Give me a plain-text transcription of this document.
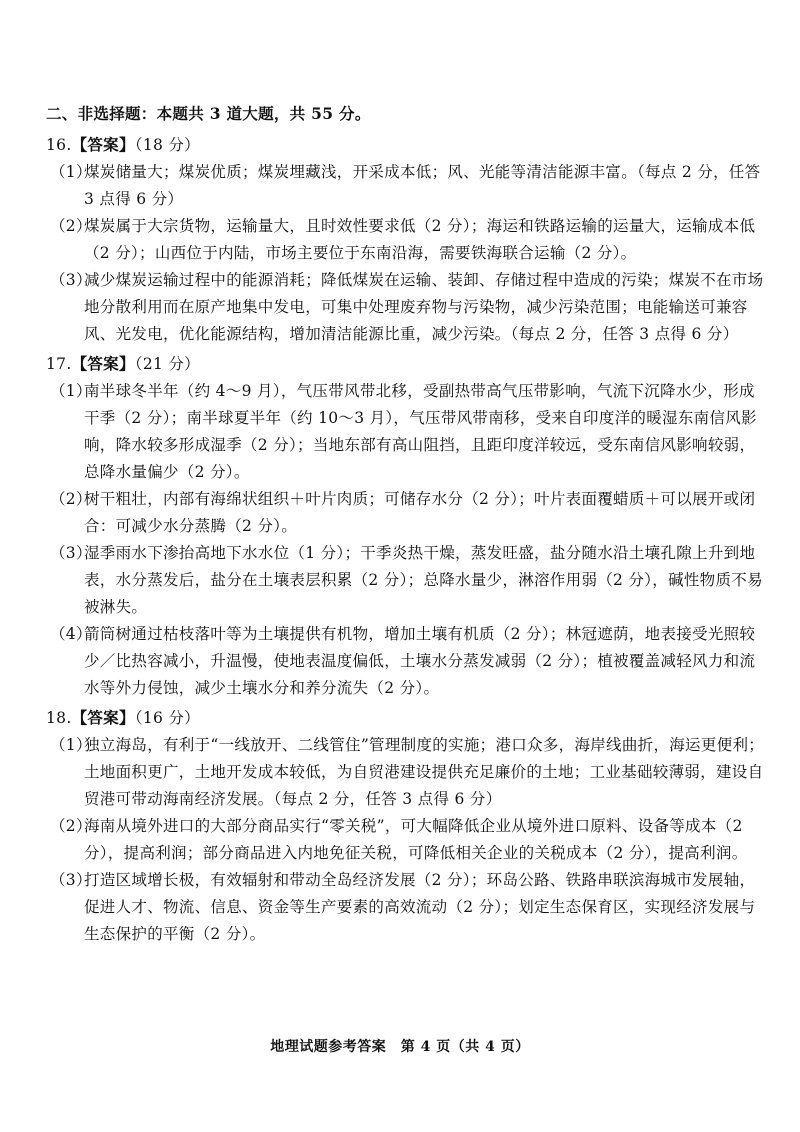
二、非选择题：本题共 3 道大题，共 55 分。
16.【答案】（18 分）
（1）
煤炭储量大；煤炭优质；煤炭埋藏浅，开采成本低；风、光能等清洁能源丰富。（每点 2 分，任答 3 点得 6 分）
（2）
煤炭属于大宗货物，运输量大，且时效性要求低（2 分）；海运和铁路运输的运量大，运输成本低（2 分）；山西位于内陆，市场主要位于东南沿海，需要铁海联合运输（2 分）。
（3）
减少煤炭运输过程中的能源消耗；降低煤炭在运输、装卸、存储过程中造成的污染；煤炭不在市场地分散利用而在原产地集中发电，可集中处理废弃物与污染物，减少污染范围；电能输送可兼容风、光发电，优化能源结构，增加清洁能源比重，减少污染。（每点 2 分，任答 3 点得 6 分）
17.【答案】（21 分）
（1）
南半球冬半年（约 4～9 月），气压带风带北移，受副热带高气压带影响，气流下沉降水少，形成干季（2 分）；南半球夏半年（约 10～3 月），气压带风带南移，受来自印度洋的暖湿东南信风影响，降水较多形成湿季（2 分）；当地东部有高山阻挡，且距印度洋较远，受东南信风影响较弱，总降水量偏少（2 分）。
（2）
树干粗壮，内部有海绵状组织＋叶片肉质；可储存水分（2 分）；叶片表面覆蜡质＋可以展开或闭合：可减少水分蒸腾（2 分）。
（3）
湿季雨水下渗抬高地下水水位（1 分）；干季炎热干燥，蒸发旺盛，盐分随水沿土壤孔隙上升到地表，水分蒸发后，盐分在土壤表层积累（2 分）；总降水量少，淋溶作用弱（2 分），碱性物质不易被淋失。
（4）
箭筒树通过枯枝落叶等为土壤提供有机物，增加土壤有机质（2 分）；林冠遮荫，地表接受光照较少／比热容减小，升温慢，使地表温度偏低，土壤水分蒸发减弱（2 分）；植被覆盖减轻风力和流水等外力侵蚀，减少土壤水分和养分流失（2 分）。
18.【答案】（16 分）
（1）
独立海岛，有利于“一线放开、二线管住”管理制度的实施；港口众多，海岸线曲折，海运更便利；土地面积更广，土地开发成本较低，为自贸港建设提供充足廉价的土地；工业基础较薄弱，建设自贸港可带动海南经济发展。（每点 2 分，任答 3 点得 6 分）
（2）
海南从境外进口的大部分商品实行“零关税”，可大幅降低企业从境外进口原料、设备等成本（2 分），提高利润；部分商品进入内地免征关税，可降低相关企业的关税成本（2 分），提高利润。
（3）
打造区域增长极，有效辐射和带动全岛经济发展（2 分）；环岛公路、铁路串联滨海城市发展轴，促进人才、物流、信息、资金等生产要素的高效流动（2 分）；划定生态保育区，实现经济发展与生态保护的平衡（2 分）。
地理试题参考答案　第 4 页（共 4 页）
